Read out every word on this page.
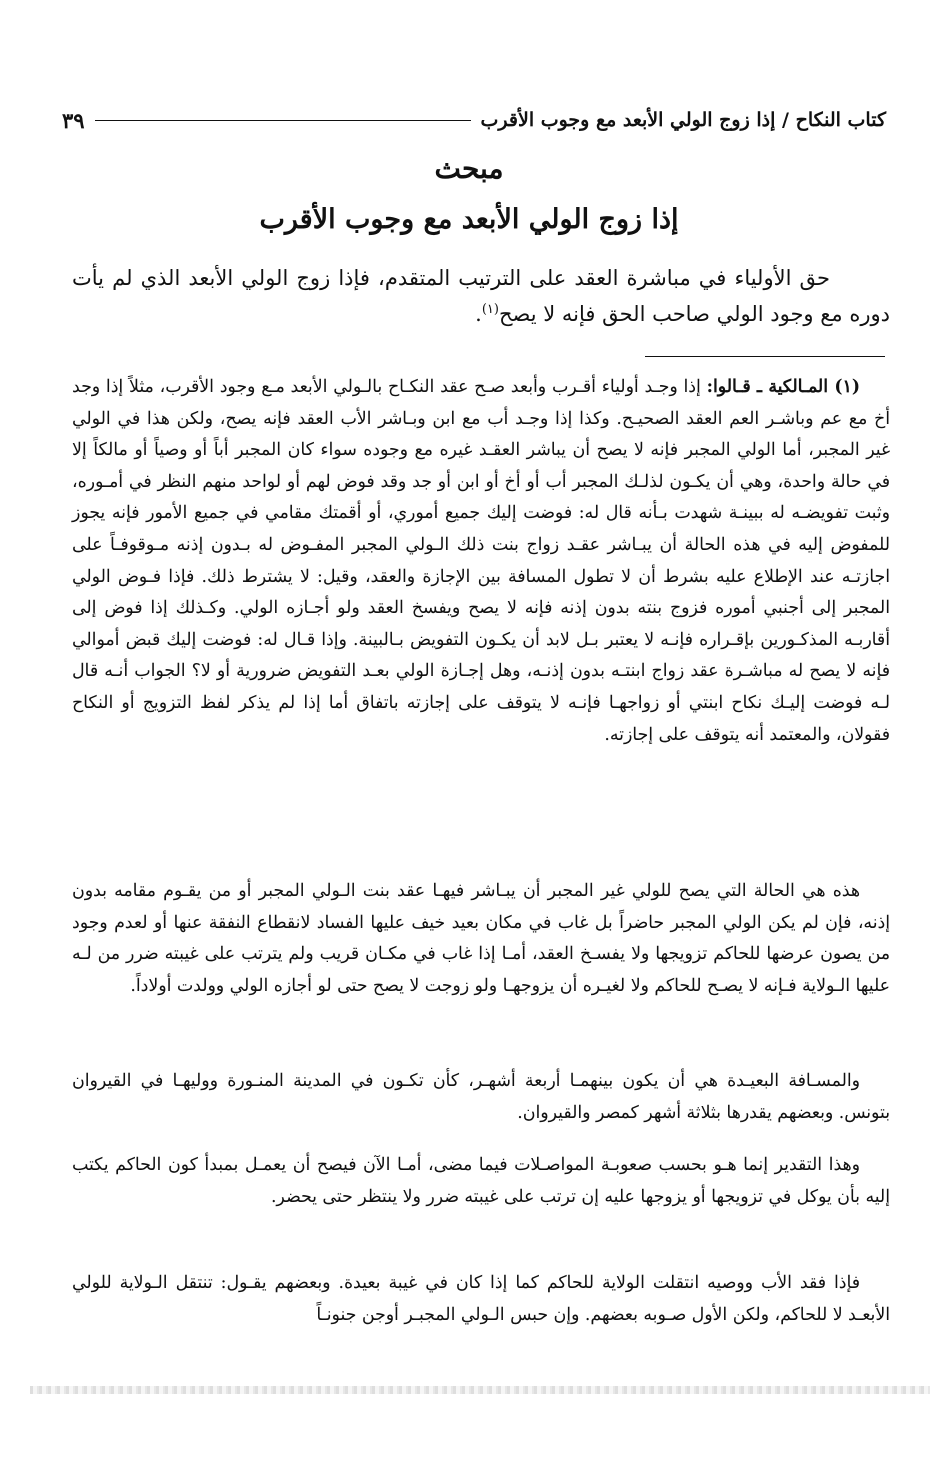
كتاب النكاح / إذا زوج الولي الأبعد مع وجوب الأقرب
٣٩
مبحث
إذا زوج الولي الأبعد مع وجوب الأقرب

حق الأولياء في مباشرة العقد على الترتيب المتقدم، فإذا زوج الولي الأبعد الذي لم يأت دوره مع وجود الولي صاحب الحق فإنه لا يصح$^{(١)}$.

(١) المـالكية ـ قـالوا: إذا وجـد أولياء أقـرب وأبعد صـح عقد النكـاح بالـولي الأبعد مـع وجود الأقرب، مثلاً إذا وجد أخ مع عم وباشـر العم العقد الصحيـح. وكذا إذا وجـد أب مع ابن وبـاشر الأب العقد فإنه يصح، ولكن هذا في الولي غير المجبر، أما الولي المجبر فإنه لا يصح أن يباشر العقـد غيره مع وجوده سواء كان المجبر أباً أو وصياً أو مالكاً إلا في حالة واحدة، وهي أن يكـون لذلـك المجبر أب أو أخ أو ابن أو جد وقد فوض لهم أو لواحد منهم النظر في أمـوره، وثبت تفويضـه له ببينـة شهدت بـأنه قال له: فوضت إليك جميع أموري، أو أقمتك مقامي في جميع الأمور فإنه يجوز للمفوض إليه في هذه الحالة أن يبـاشر عقـد زواج بنت ذلك الـولي المجبر المفـوض له بـدون إذنه مـوقوفـاً على اجازتـه عند الإطلاع عليه بشرط أن لا تطول المسافة بين الإجازة والعقد، وقيل: لا يشترط ذلك. فإذا فـوض الولي المجبر إلى أجنبي أموره فزوج بنته بدون إذنه فإنه لا يصح ويفسخ العقد ولو أجـازه الولي. وكـذلك إذا فوض إلى أقاربـه المذكـورين بإقـراره فإنـه لا يعتبر بـل لابد أن يكـون التفويض بـالبينة. وإذا قـال له: فوضت إليك قبض أموالي فإنه لا يصح له مباشـرة عقد زواج ابنتـه بدون إذنـه، وهل إجـازة الولي بعـد التفويض ضرورية أو لا؟ الجواب أنـه قال لـه فوضت إليـك نكاح ابنتي أو زواجهـا فإنـه لا يتوقف على إجازته باتفاق أما إذا لم يذكر لفظ التزويج أو النكاح فقولان، والمعتمد أنه يتوقف على إجازته.

هذه هي الحالة التي يصح للولي غير المجبر أن يبـاشر فيهـا عقد بنت الـولي المجبر أو من يقـوم مقامه بدون إذنه، فإن لم يكن الولي المجبر حاضراً بل غاب في مكان بعيد خيف عليها الفساد لانقطاع النفقة عنها أو لعدم وجود من يصون عرضها للحاكم تزويجها ولا يفسـخ العقد، أمـا إذا غاب في مكـان قريب ولم يترتب على غيبته ضرر من لـه عليها الـولاية فـإنه لا يصـح للحاكم ولا لغيـره أن يزوجهـا ولو زوجت لا يصح حتى لو أجازه الولي وولدت أولاداً.

والمسـافة البعيـدة هي أن يكون بينهمـا أربعة أشهـر، كأن تكـون في المدينة المنـورة ووليهـا في القيروان بتونس. وبعضهم يقدرها بثلاثة أشهر كمصر والقيروان.

وهذا التقدير إنما هـو بحسب صعوبـة المواصـلات فيما مضى، أمـا الآن فيصح أن يعمـل بمبدأ كون الحاكم يكتب إليه بأن يوكل في تزويجها أو يزوجها عليه إن ترتب على غيبته ضرر ولا ينتظر حتى يحضر.

فإذا فقد الأب ووصيه انتقلت الولاية للحاكم كما إذا كان في غيبة بعيدة. وبعضهم يقـول: تنتقل الـولاية للولي الأبعـد لا للحاكم، ولكن الأول صـوبه بعضهم. وإن حبس الـولي المجبـر أوجن جنونـاً
